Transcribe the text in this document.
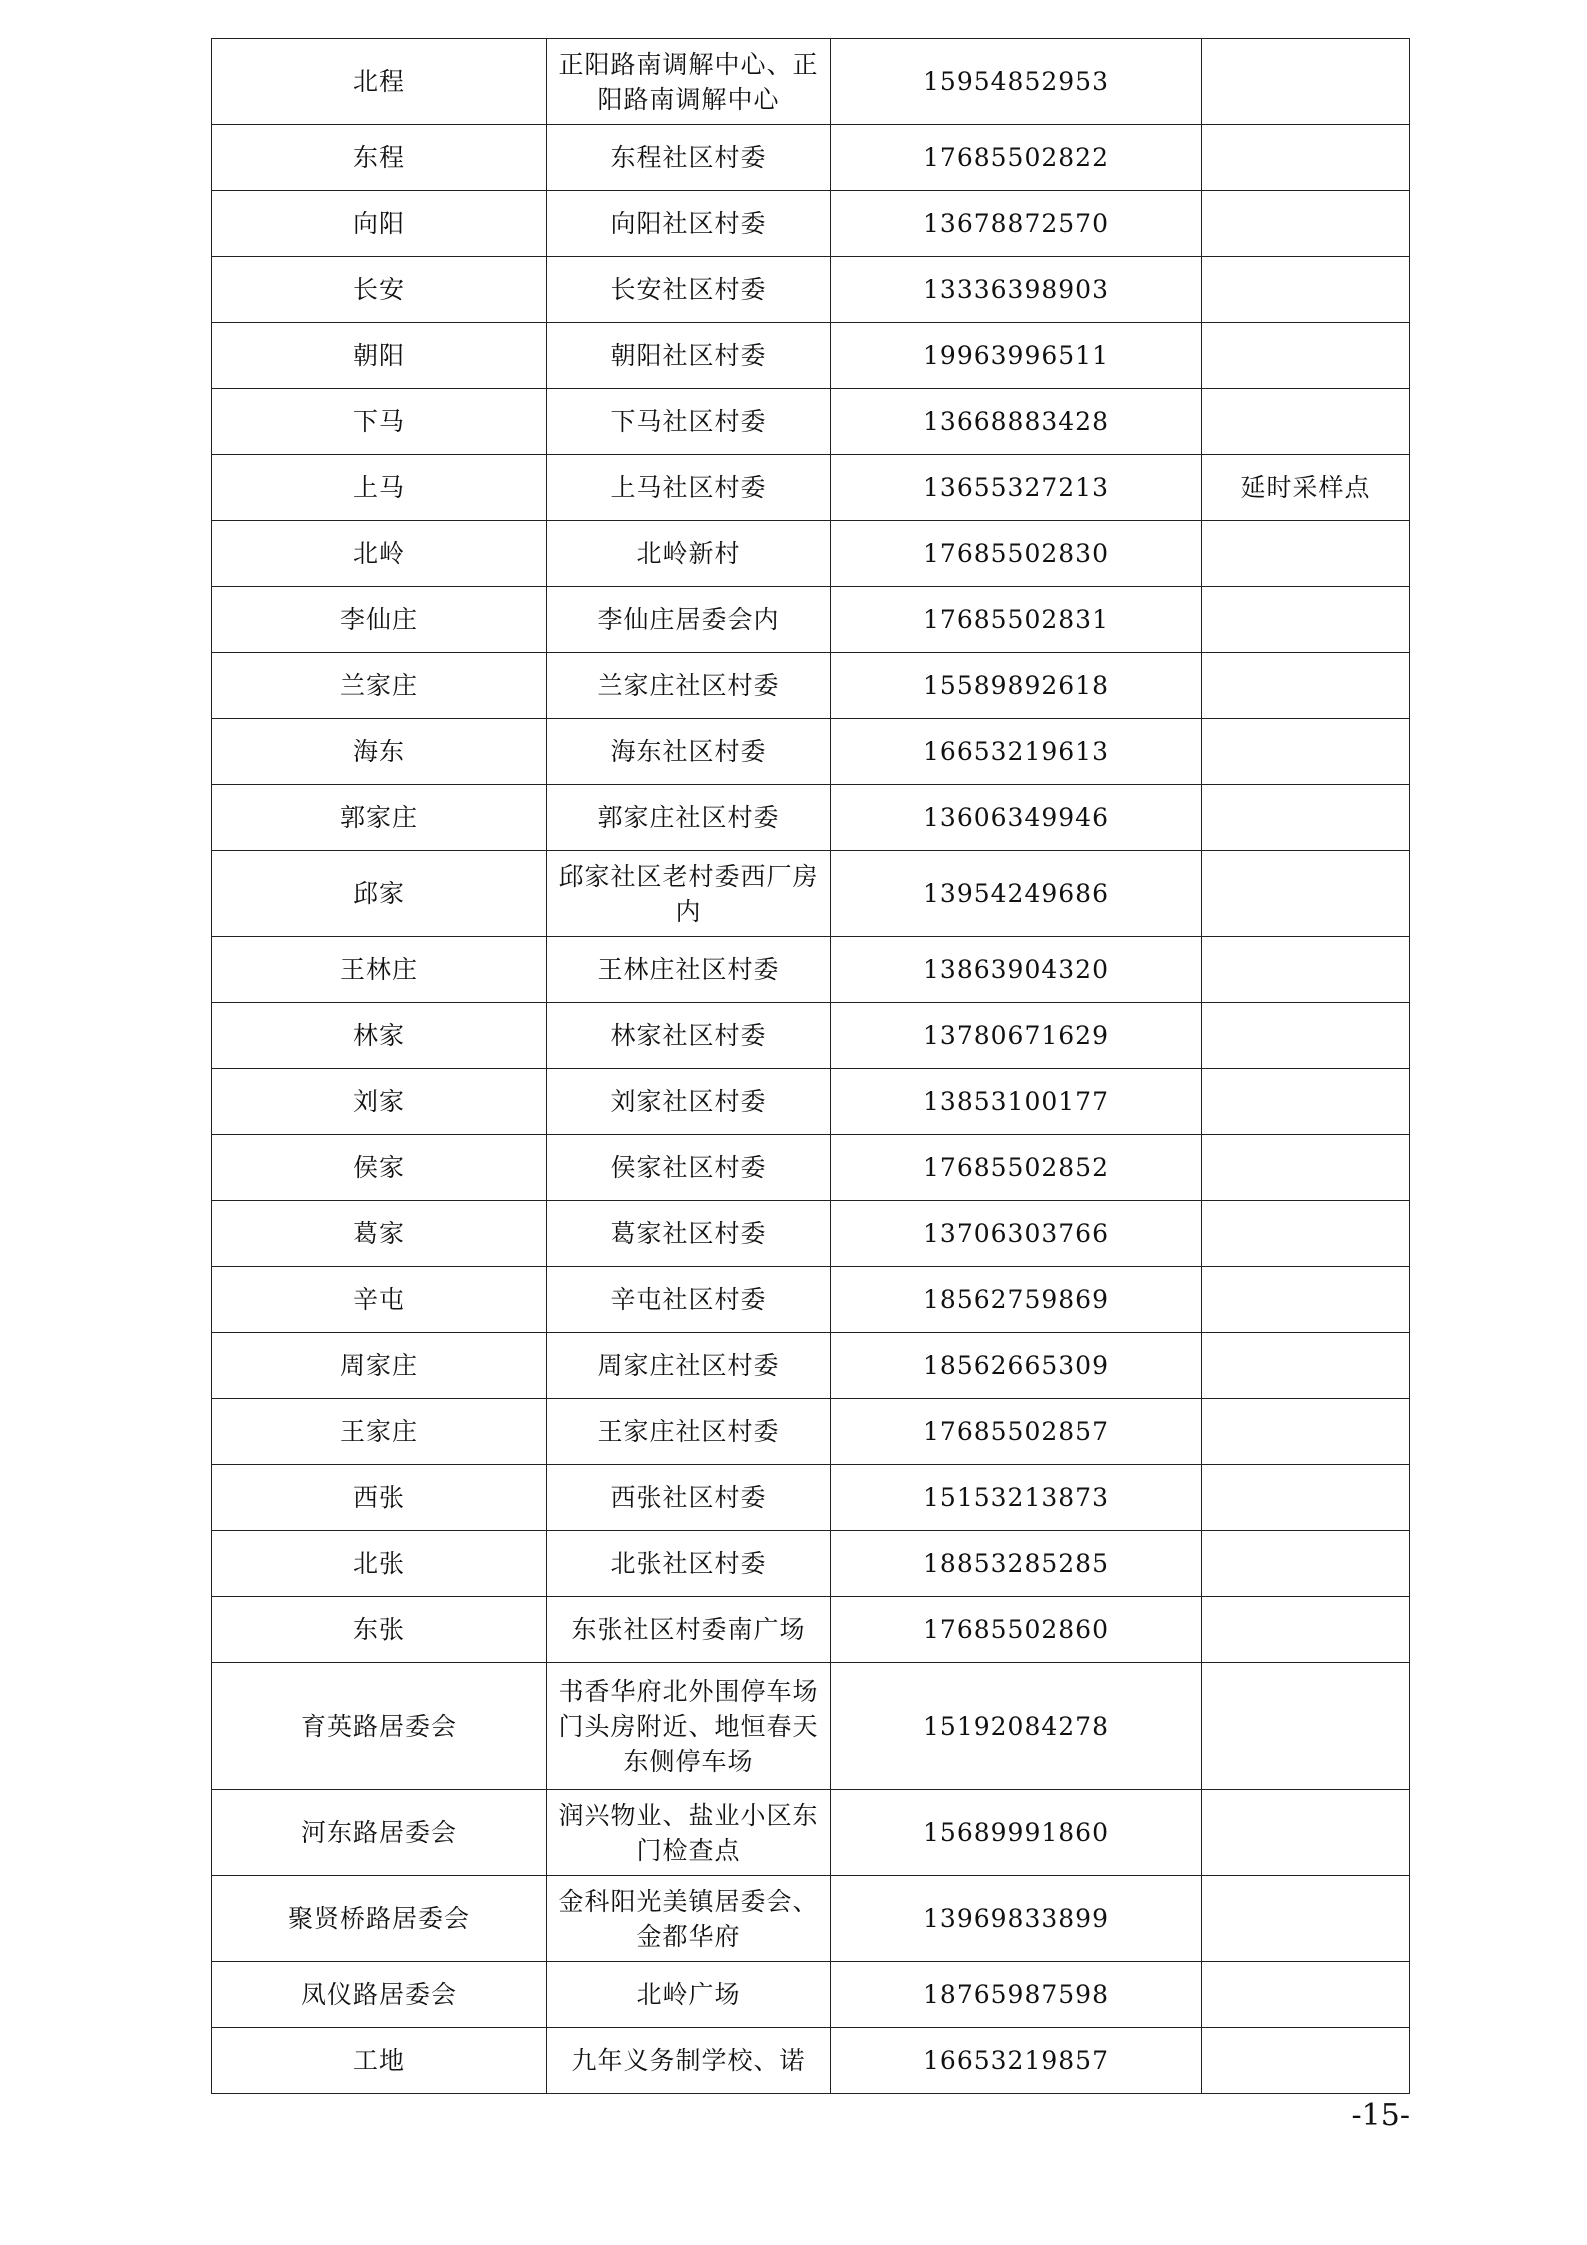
北程	正阳路南调解中心、正阳路南调解中心	15954852953	
东程	东程社区村委	17685502822	
向阳	向阳社区村委	13678872570	
长安	长安社区村委	13336398903	
朝阳	朝阳社区村委	19963996511	
下马	下马社区村委	13668883428	
上马	上马社区村委	13655327213	延时采样点
北岭	北岭新村	17685502830	
李仙庄	李仙庄居委会内	17685502831	
兰家庄	兰家庄社区村委	15589892618	
海东	海东社区村委	16653219613	
郭家庄	郭家庄社区村委	13606349946	
邱家	邱家社区老村委西厂房内	13954249686	
王林庄	王林庄社区村委	13863904320	
林家	林家社区村委	13780671629	
刘家	刘家社区村委	13853100177	
侯家	侯家社区村委	17685502852	
葛家	葛家社区村委	13706303766	
辛屯	辛屯社区村委	18562759869	
周家庄	周家庄社区村委	18562665309	
王家庄	王家庄社区村委	17685502857	
西张	西张社区村委	15153213873	
北张	北张社区村委	18853285285	
东张	东张社区村委南广场	17685502860	
育英路居委会	书香华府北外围停车场门头房附近、地恒春天东侧停车场	15192084278	
河东路居委会	润兴物业、盐业小区东门检查点	15689991860	
聚贤桥路居委会	金科阳光美镇居委会、金都华府	13969833899	
凤仪路居委会	北岭广场	18765987598	
工地	九年义务制学校、诺	16653219857	
-15-
